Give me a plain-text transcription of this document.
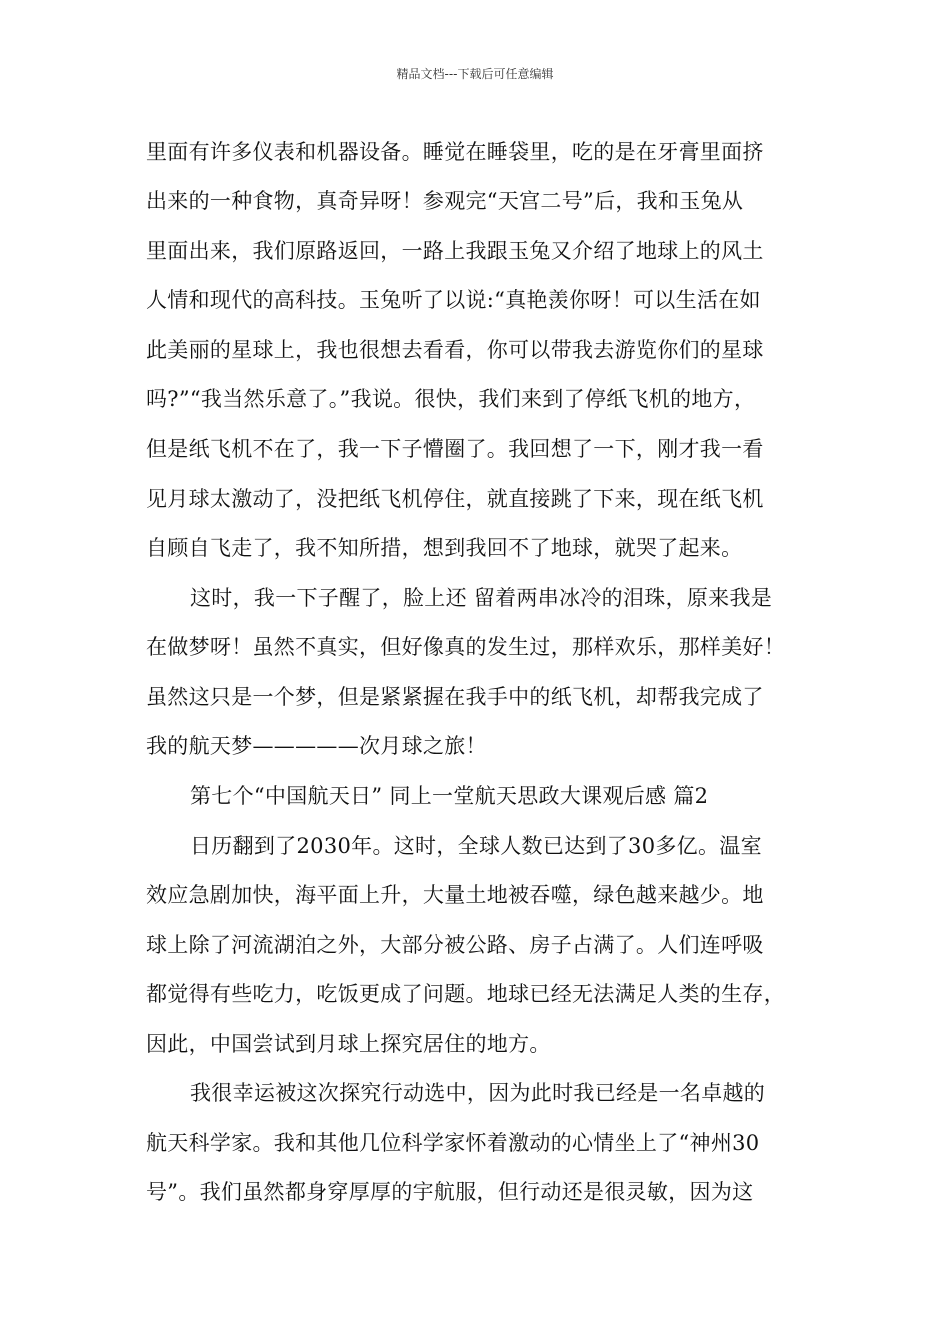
精品文档---下载后可任意编辑
里面有许多仪表和机器设备。睡觉在睡袋里，吃的是在牙膏里面挤
出来的一种食物，真奇异呀！参观完“天宫二号”后，我和玉兔从
里面出来，我们原路返回，一路上我跟玉兔又介绍了地球上的风土
人情和现代的高科技。玉兔听了以说:“真艳羡你呀！可以生活在如
此美丽的星球上，我也很想去看看，你可以带我去游览你们的星球
吗?”“我当然乐意了。”我说。很快，我们来到了停纸飞机的地方，
但是纸飞机不在了，我一下子懵圈了。我回想了一下，刚才我一看
见月球太激动了，没把纸飞机停住，就直接跳了下来，现在纸飞机
自顾自飞走了，我不知所措，想到我回不了地球，就哭了起来。
这时，我一下子醒了，脸上还 留着两串冰冷的泪珠，原来我是
在做梦呀！虽然不真实，但好像真的发生过，那样欢乐，那样美好！
虽然这只是一个梦，但是紧紧握在我手中的纸飞机，却帮我完成了
我的航天梦—————次月球之旅！
第七个“中国航天日” 同上一堂航天思政大课观后感 篇2
日历翻到了2030年。这时，全球人数已达到了30多亿。温室
效应急剧加快，海平面上升，大量土地被吞噬，绿色越来越少。地
球上除了河流湖泊之外，大部分被公路、房子占满了。人们连呼吸
都觉得有些吃力，吃饭更成了问题。地球已经无法满足人类的生存，
因此，中国尝试到月球上探究居住的地方。
我很幸运被这次探究行动选中，因为此时我已经是一名卓越的
航天科学家。我和其他几位科学家怀着激动的心情坐上了“神州30
号”。我们虽然都身穿厚厚的宇航服，但行动还是很灵敏，因为这
